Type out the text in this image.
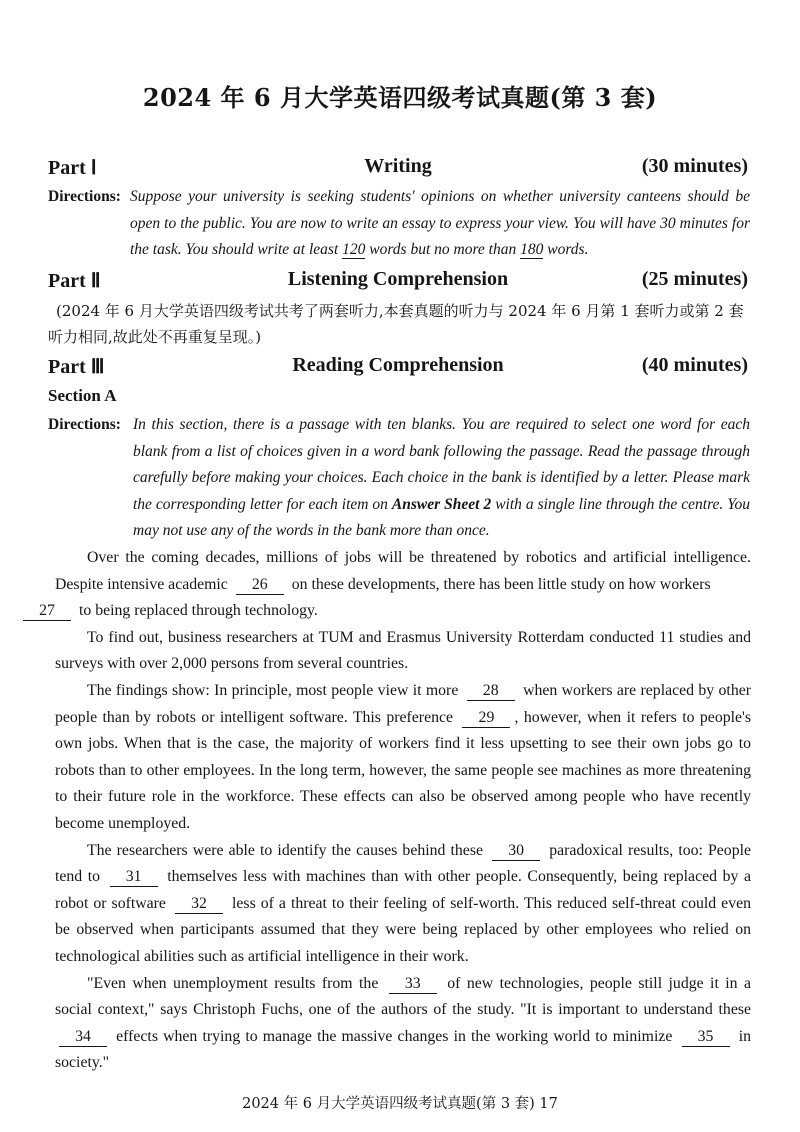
2024 年 6 月大学英语四级考试真题(第 3 套)
Writing
Part Ⅰ	(30 minutes)
Directions: Suppose your university is seeking students' opinions on whether university canteens should be open to the public. You are now to write an essay to express your view. You will have 30 minutes for the task. You should write at least 120 words but no more than 180 words.
Listening Comprehension
Part Ⅱ	(25 minutes)
(2024 年 6 月大学英语四级考试共考了两套听力,本套真题的听力与 2024 年 6 月第 1 套听力或第 2 套听力相同,故此处不再重复呈现。)
Reading Comprehension
Part Ⅲ	(40 minutes)
Section A
Directions: In this section, there is a passage with ten blanks. You are required to select one word for each blank from a list of choices given in a word bank following the passage. Read the passage through carefully before making your choices. Each choice in the bank is identified by a letter. Please mark the corresponding letter for each item on Answer Sheet 2 with a single line through the centre. You may not use any of the words in the bank more than once.

Over the coming decades, millions of jobs will be threatened by robotics and artificial intelligence. Despite intensive academic 26 on these developments, there has been little study on how workers
27 to being replaced through technology.

To find out, business researchers at TUM and Erasmus University Rotterdam conducted 11 studies and surveys with over 2,000 persons from several countries.

The findings show: In principle, most people view it more 28 when workers are replaced by other people than by robots or intelligent software. This preference 29 , however, when it refers to people's own jobs. When that is the case, the majority of workers find it less upsetting to see their own jobs go to robots than to other employees. In the long term, however, the same people see machines as more threatening to their future role in the workforce. These effects can also be observed among people who have recently become unemployed.

The researchers were able to identify the causes behind these 30 paradoxical results, too: People tend to 31 themselves less with machines than with other people. Consequently, being replaced by a robot or software 32 less of a threat to their feeling of self-worth. This reduced self-threat could even be observed when participants assumed that they were being replaced by other employees who relied on technological abilities such as artificial intelligence in their work.

"Even when unemployment results from the 33 of new technologies, people still judge it in a social context," says Christoph Fuchs, one of the authors of the study. "It is important to understand these 34 effects when trying to manage the massive changes in the working world to minimize 35 in society."

2024 年 6 月大学英语四级考试真题(第 3 套) 17
